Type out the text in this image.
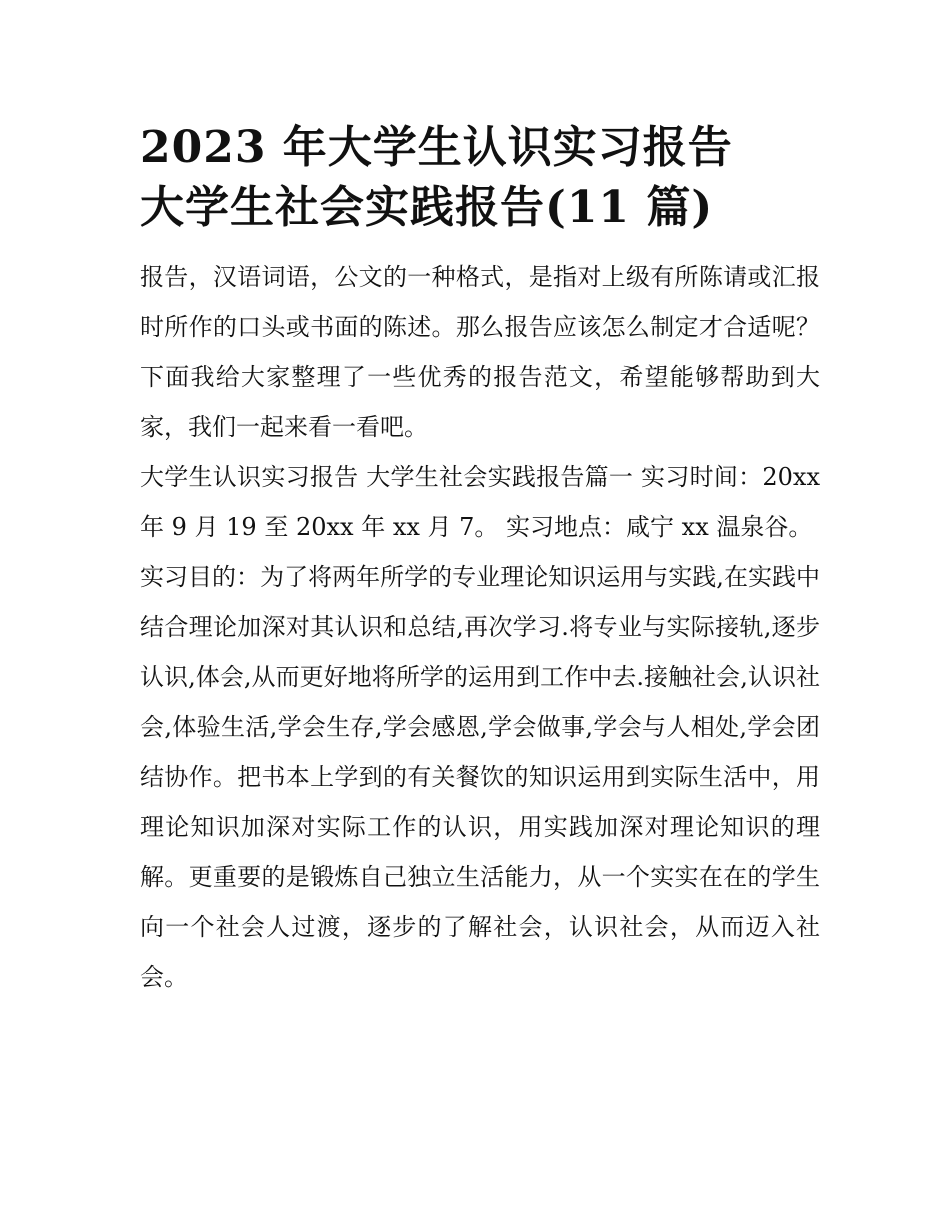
2023 年大学生认识实习报告
大学生社会实践报告(11 篇)

报告，汉语词语，公文的一种格式，是指对上级有所陈请或汇报时所作的口头或书面的陈述。那么报告应该怎么制定才合适呢？下面我给大家整理了一些优秀的报告范文，希望能够帮助到大家，我们一起来看一看吧。

大学生认识实习报告 大学生社会实践报告篇一 实习时间：20xx 年 9 月 19 至 20xx 年 xx 月 7。 实习地点：咸宁 xx 温泉谷。

实习目的：为了将两年所学的专业理论知识运用与实践,在实践中结合理论加深对其认识和总结,再次学习.将专业与实际接轨,逐步认识,体会,从而更好地将所学的运用到工作中去.接触社会,认识社会,体验生活,学会生存,学会感恩,学会做事,学会与人相处,学会团结协作。把书本上学到的有关餐饮的知识运用到实际生活中，用理论知识加深对实际工作的认识，用实践加深对理论知识的理解。更重要的是锻炼自己独立生活能力，从一个实实在在的学生向一个社会人过渡，逐步的了解社会，认识社会，从而迈入社会。
